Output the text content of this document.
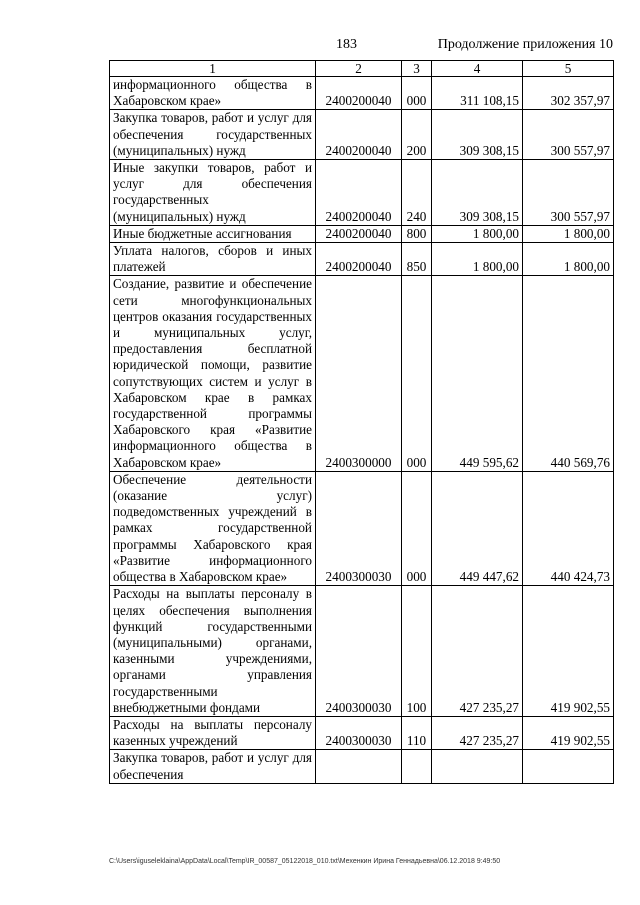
183	Продолжение приложения 10
1	2	3	4	5
информационного общества в Хабаровском крае»	2400200040	000	311 108,15	302 357,97
Закупка товаров, работ и услуг для обеспечения государственных (муниципальных) нужд	2400200040	200	309 308,15	300 557,97
Иные закупки товаров, работ и услуг для обеспечения государственных (муниципальных) нужд	2400200040	240	309 308,15	300 557,97
Иные бюджетные ассигнования	2400200040	800	1 800,00	1 800,00
Уплата налогов, сборов и иных платежей	2400200040	850	1 800,00	1 800,00
Создание, развитие и обеспечение сети многофункциональных центров оказания государственных и муниципальных услуг, предоставления бесплатной юридической помощи, развитие сопутствующих систем и услуг в Хабаровском крае в рамках государственной программы Хабаровского края «Развитие информационного общества в Хабаровском крае»	2400300000	000	449 595,62	440 569,76
Обеспечение деятельности (оказание услуг) подведомственных учреждений в рамках государственной программы Хабаровского края «Развитие информационного общества в Хабаровском крае»	2400300030	000	449 447,62	440 424,73
Расходы на выплаты персоналу в целях обеспечения выполнения функций государственными (муниципальными) органами, казенными учреждениями, органами управления государственными внебюджетными фондами	2400300030	100	427 235,27	419 902,55
Расходы на выплаты персоналу казенных учреждений	2400300030	110	427 235,27	419 902,55
Закупка товаров, работ и услуг для обеспечения				
C:\Users\iguseleklaina\AppData\Local\Temp\IR_00587_05122018_010.txt\Мехенкин Ирина Геннадьевна\06.12.2018 9:49:50
